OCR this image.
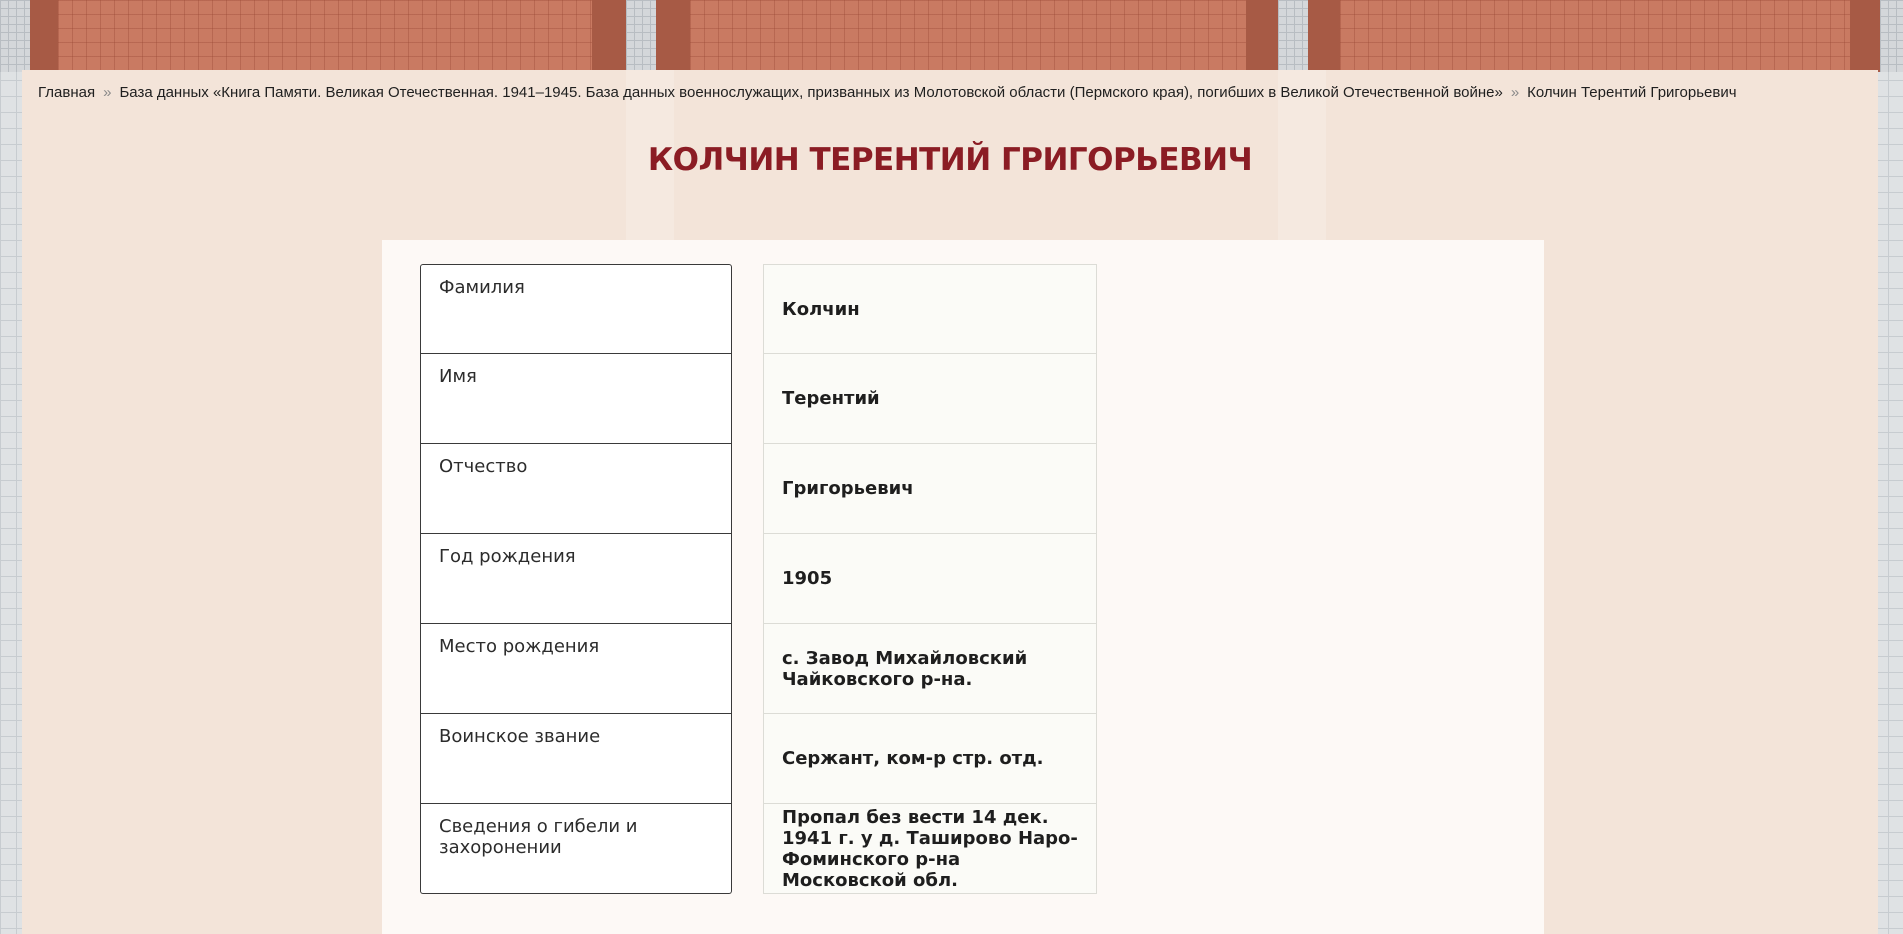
Главная » База данных «Книга Памяти. Великая Отечественная. 1941–1945. База данных военнослужащих, призванных из Молотовской области (Пермского края), погибших в Великой Отечественной войне» » Колчин Терентий Григорьевич
КОЛЧИН ТЕРЕНТИЙ ГРИГОРЬЕВИЧ
Фамилия
Колчин
Имя
Терентий
Отчество
Григорьевич
Год рождения
1905
Место рождения
с. Завод Михайловский Чайковского р-на.
Воинское звание
Сержант, ком-р стр. отд.
Сведения о гибели и захоронении
Пропал без вести 14 дек. 1941 г. у д. Таширово Наро-Фоминского р-на Московской обл.
